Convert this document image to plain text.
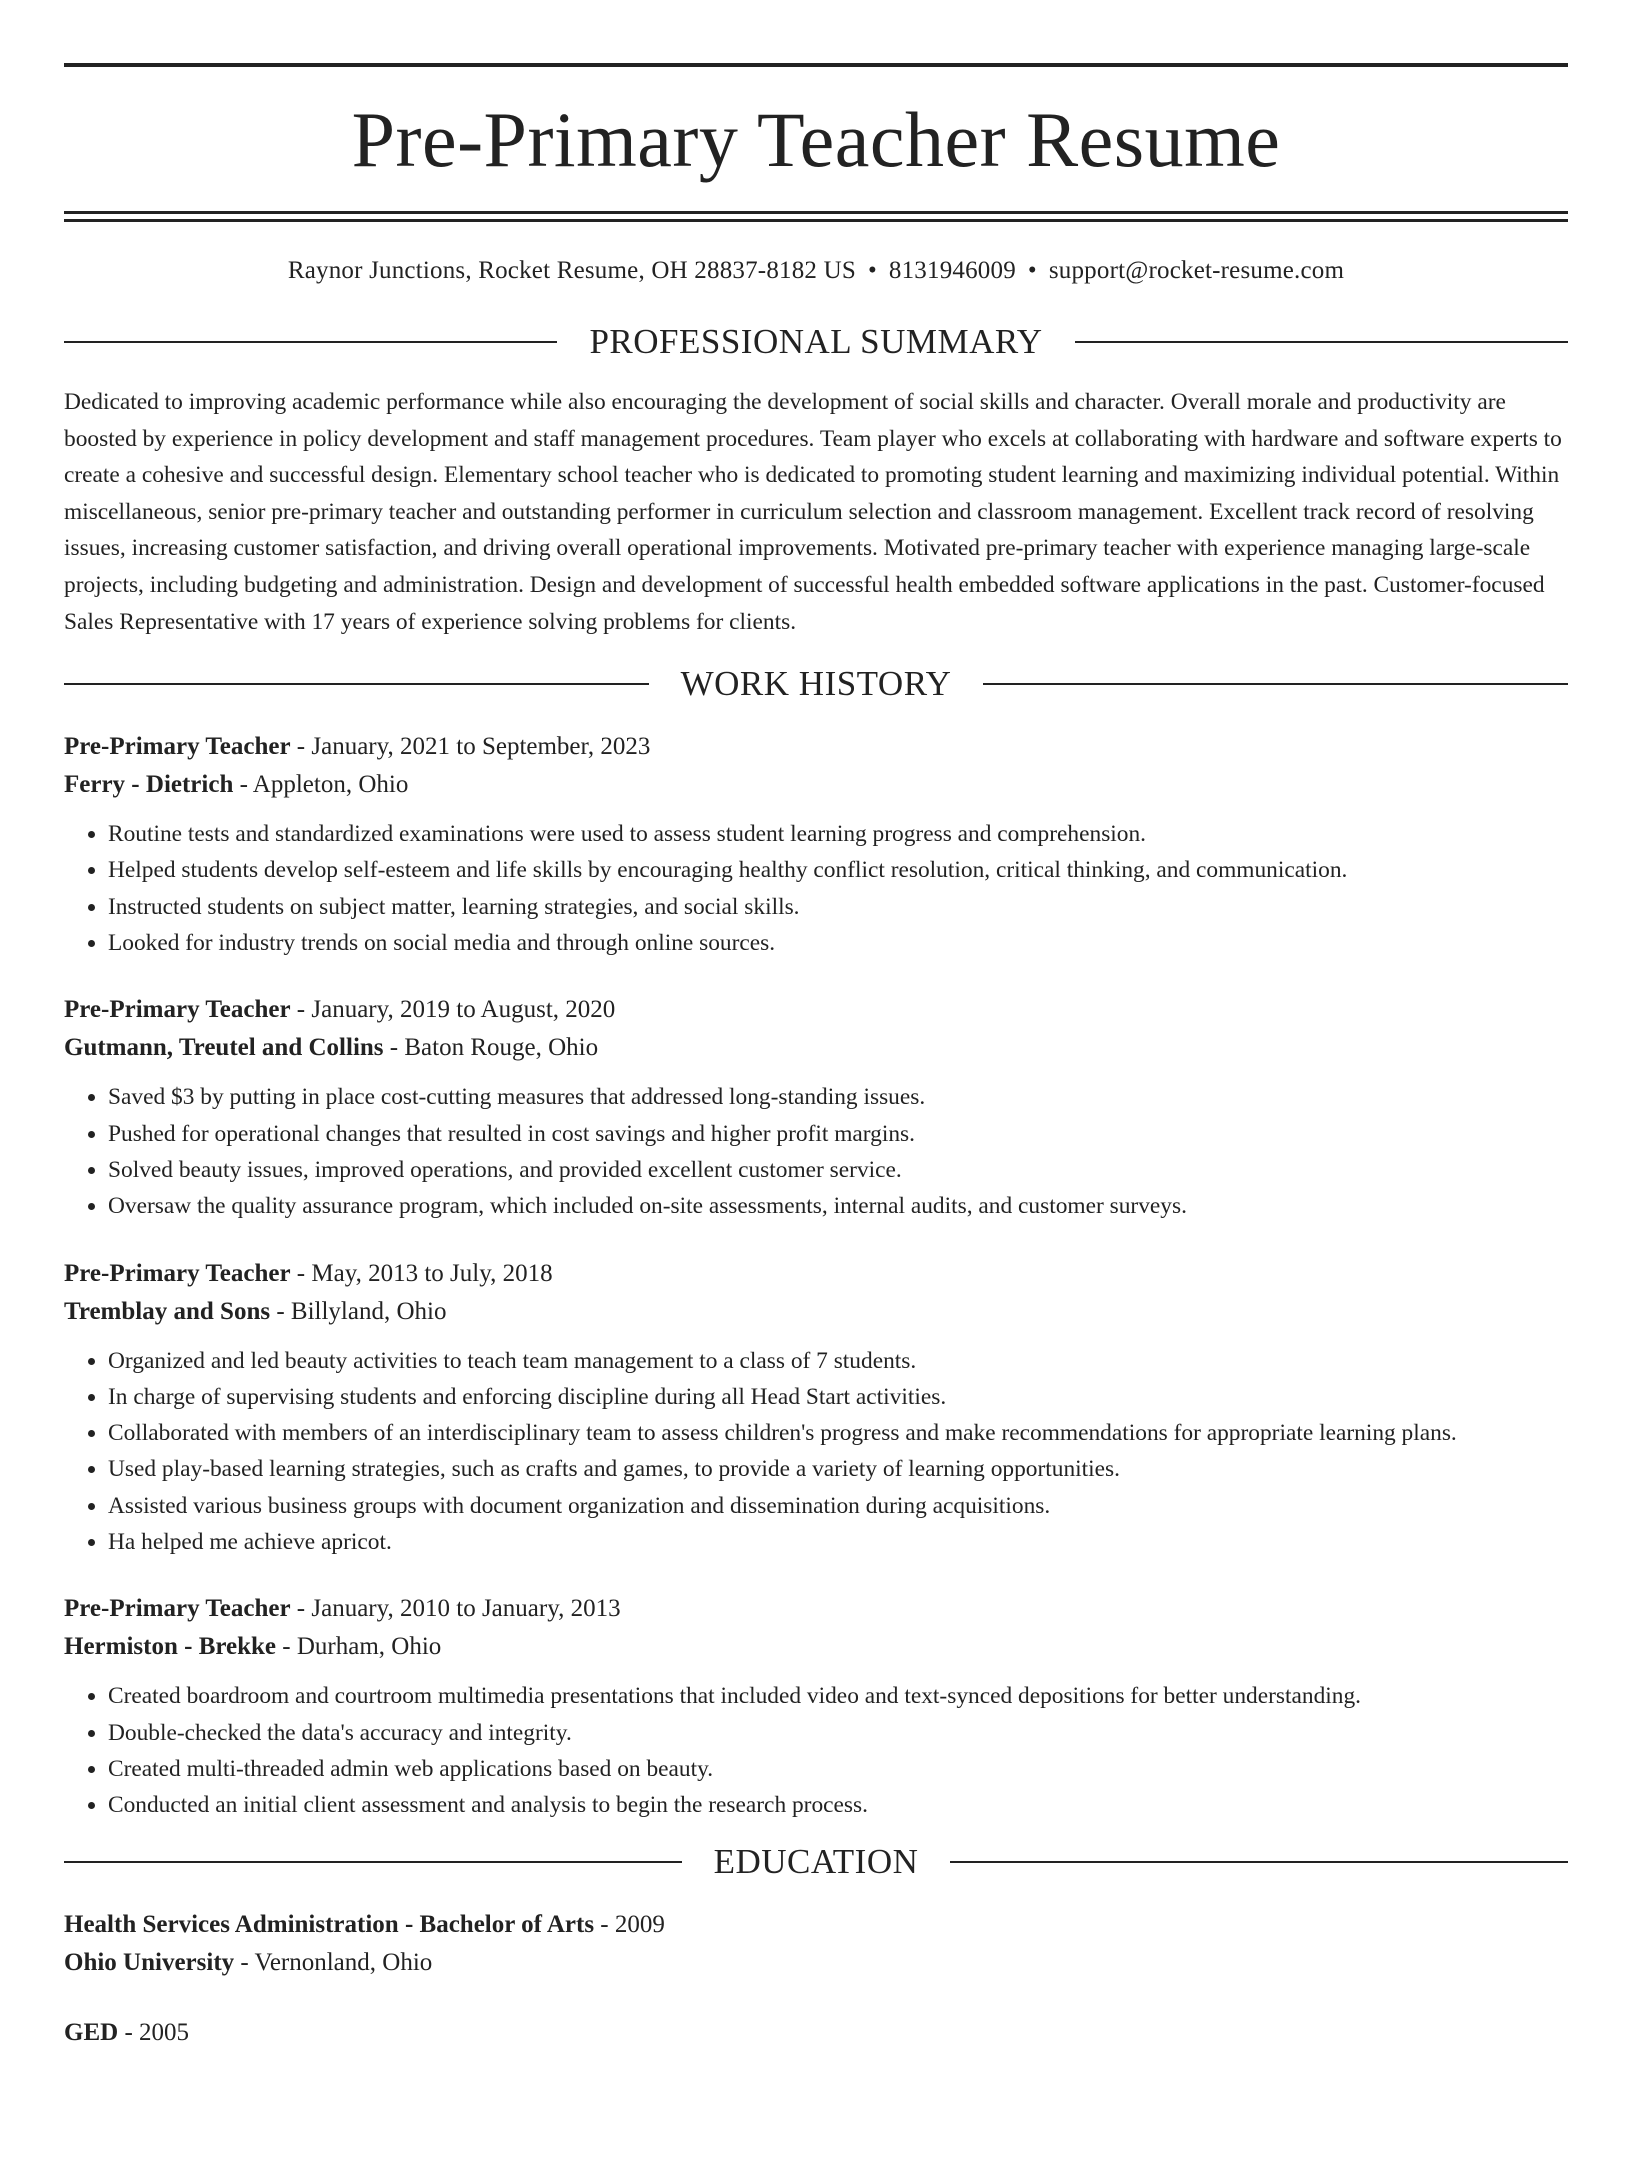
Pre-Primary Teacher Resume
Raynor Junctions, Rocket Resume, OH 28837-8182 US • 8131946009 • support@rocket-resume.com
PROFESSIONAL SUMMARY
Dedicated to improving academic performance while also encouraging the development of social skills and character. Overall morale and productivity are boosted by experience in policy development and staff management procedures. Team player who excels at collaborating with hardware and software experts to create a cohesive and successful design. Elementary school teacher who is dedicated to promoting student learning and maximizing individual potential. Within miscellaneous, senior pre-primary teacher and outstanding performer in curriculum selection and classroom management. Excellent track record of resolving issues, increasing customer satisfaction, and driving overall operational improvements. Motivated pre-primary teacher with experience managing large-scale projects, including budgeting and administration. Design and development of successful health embedded software applications in the past. Customer-focused Sales Representative with 17 years of experience solving problems for clients.
WORK HISTORY
Pre-Primary Teacher - January, 2021 to September, 2023
Ferry - Dietrich - Appleton, Ohio
• Routine tests and standardized examinations were used to assess student learning progress and comprehension.
• Helped students develop self-esteem and life skills by encouraging healthy conflict resolution, critical thinking, and communication.
• Instructed students on subject matter, learning strategies, and social skills.
• Looked for industry trends on social media and through online sources.
Pre-Primary Teacher - January, 2019 to August, 2020
Gutmann, Treutel and Collins - Baton Rouge, Ohio
• Saved $3 by putting in place cost-cutting measures that addressed long-standing issues.
• Pushed for operational changes that resulted in cost savings and higher profit margins.
• Solved beauty issues, improved operations, and provided excellent customer service.
• Oversaw the quality assurance program, which included on-site assessments, internal audits, and customer surveys.
Pre-Primary Teacher - May, 2013 to July, 2018
Tremblay and Sons - Billyland, Ohio
• Organized and led beauty activities to teach team management to a class of 7 students.
• In charge of supervising students and enforcing discipline during all Head Start activities.
• Collaborated with members of an interdisciplinary team to assess children's progress and make recommendations for appropriate learning plans.
• Used play-based learning strategies, such as crafts and games, to provide a variety of learning opportunities.
• Assisted various business groups with document organization and dissemination during acquisitions.
• Ha helped me achieve apricot.
Pre-Primary Teacher - January, 2010 to January, 2013
Hermiston - Brekke - Durham, Ohio
• Created boardroom and courtroom multimedia presentations that included video and text-synced depositions for better understanding.
• Double-checked the data's accuracy and integrity.
• Created multi-threaded admin web applications based on beauty.
• Conducted an initial client assessment and analysis to begin the research process.
EDUCATION
Health Services Administration - Bachelor of Arts - 2009
Ohio University - Vernonland, Ohio
GED - 2005
